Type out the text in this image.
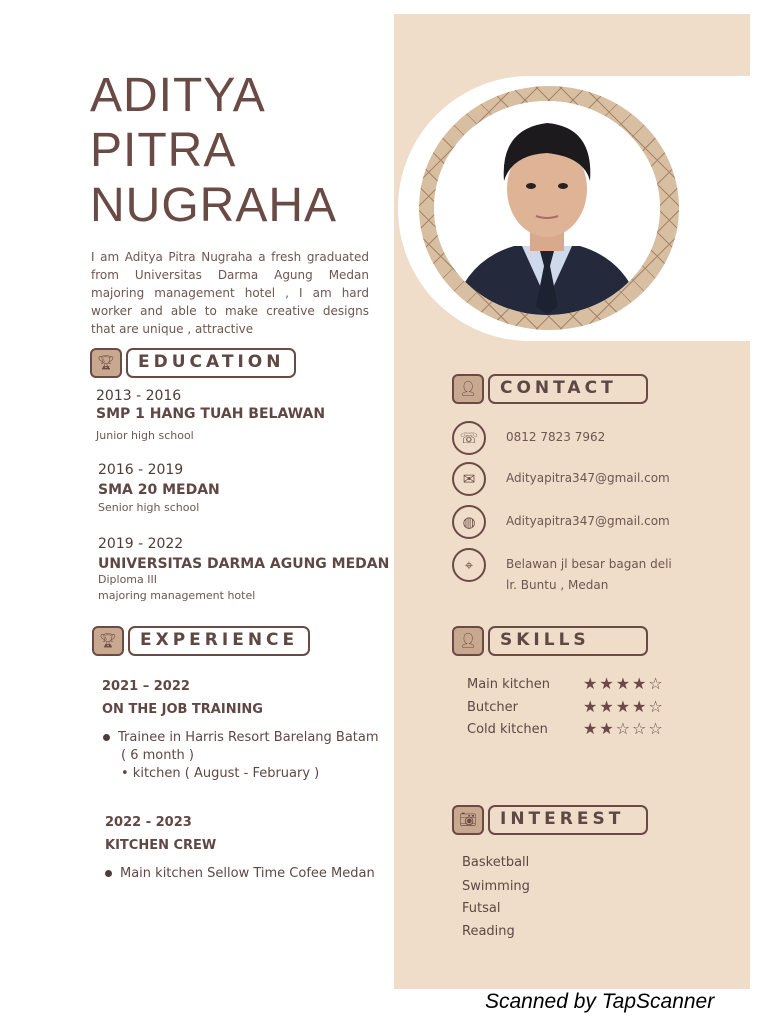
ADITYA
PITRA
NUGRAHA
I am Aditya Pitra Nugraha a fresh graduated from Universitas Darma Agung Medan majoring management hotel , I am hard worker and able to make creative designs that are unique , attractive
🏆︎	EDUCATION
2013 - 2016
SMP 1 HANG TUAH BELAWAN
Junior high school
2016 - 2019
SMA 20 MEDAN
Senior high school
2019 - 2022
UNIVERSITAS DARMA AGUNG MEDAN
Diploma III
majoring management hotel
🏆︎	EXPERIENCE
2021 – 2022
ON THE JOB TRAINING
Trainee in Harris Resort Barelang Batam
( 6 month )
• kitchen ( August - February )
2022 - 2023
KITCHEN CREW
Main kitchen Sellow Time Cofee Medan
👤︎	CONTACT
☏	0812 7823 7962
✉	Adityapitra347@gmail.com
◍	Adityapitra347@gmail.com
⌖	Belawan jl besar bagan deli
lr. Buntu , Medan
👤︎	SKILLS
Main kitchen ★★★★☆
Butcher	★★★★☆
Cold kitchen ★★☆☆☆
📷︎	INTEREST
Basketball
Swimming
Futsal
Reading
Scanned by TapScanner
